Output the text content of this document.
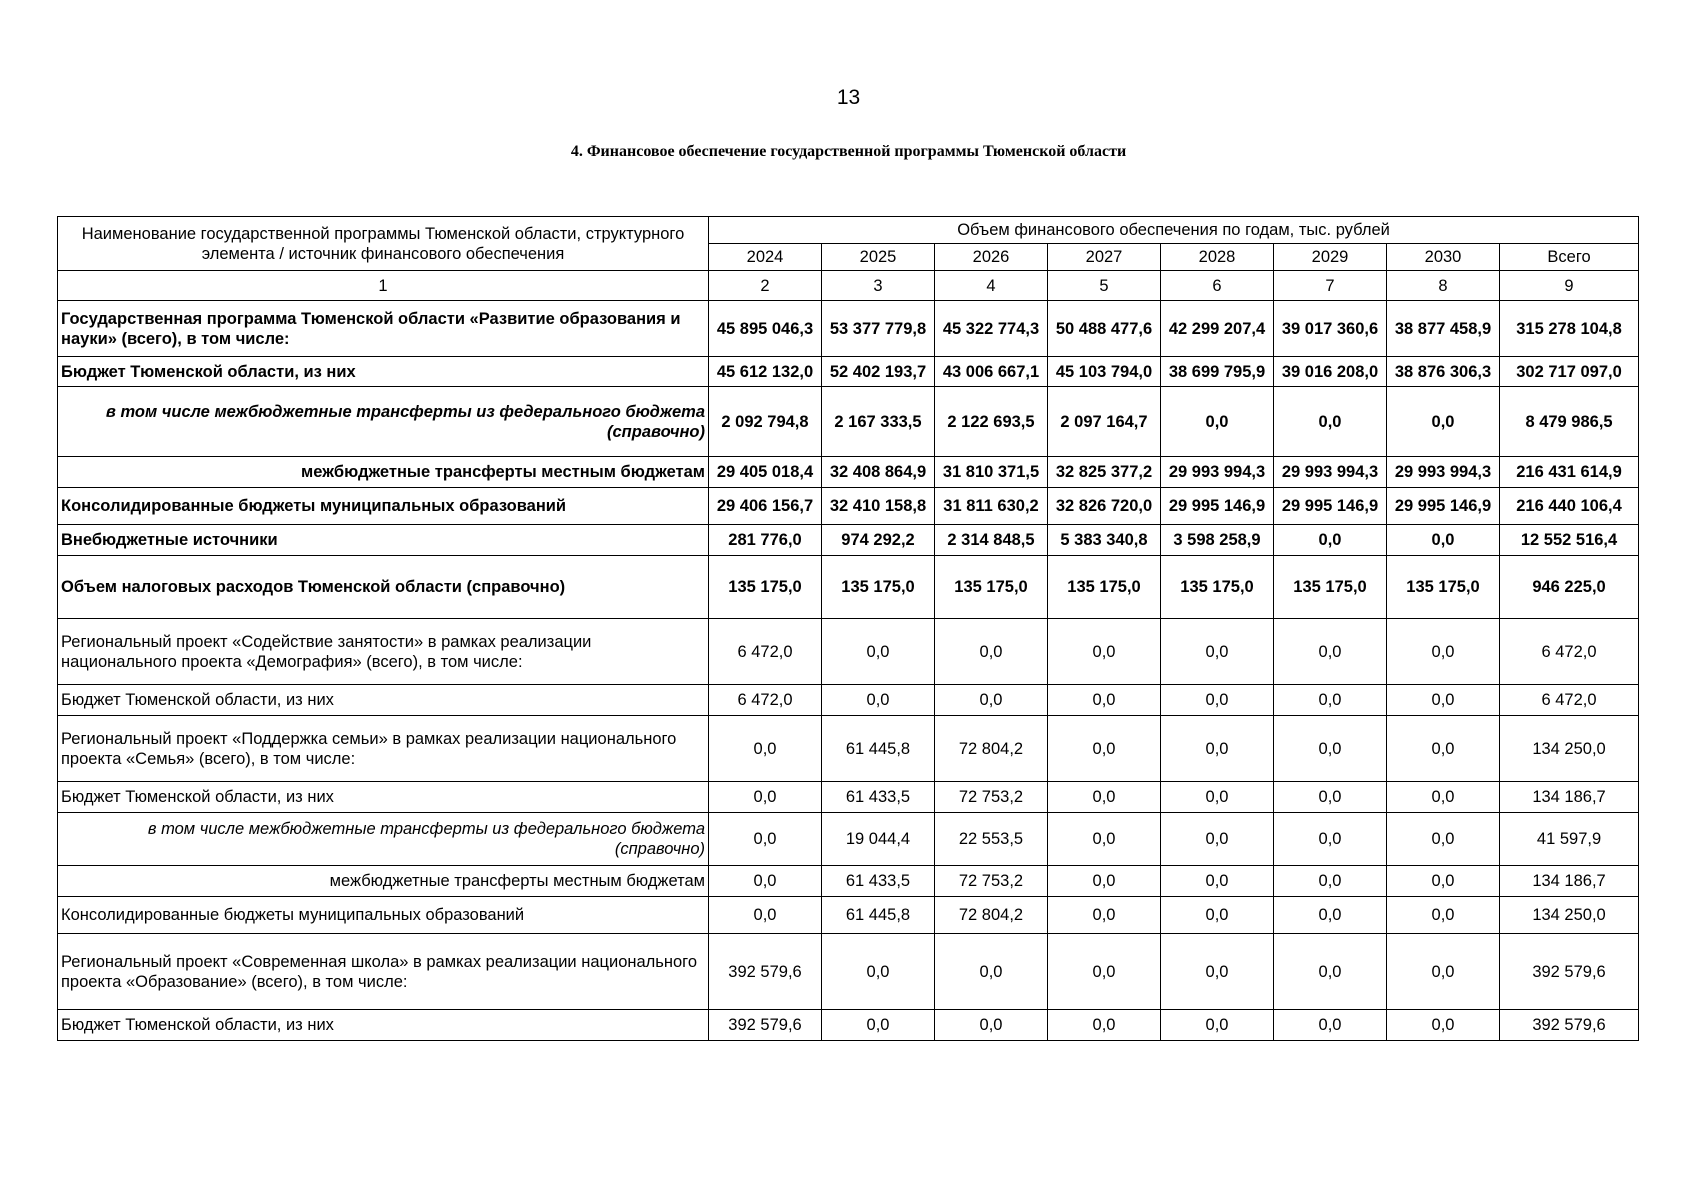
13
4. Финансовое обеспечение государственной программы Тюменской области
Наименование государственной программы Тюменской области, структурного элемента / источник финансового обеспечения	Объем финансового обеспечения по годам, тыс. рублей							
	2024	2025	2026	2027	2028	2029	2030	Всего
1	2	3	4	5	6	7	8	9
Государственная программа Тюменской области «Развитие образования и науки» (всего), в том числе:	45 895 046,3	53 377 779,8	45 322 774,3	50 488 477,6	42 299 207,4	39 017 360,6	38 877 458,9	315 278 104,8
Бюджет Тюменской области, из них	45 612 132,0	52 402 193,7	43 006 667,1	45 103 794,0	38 699 795,9	39 016 208,0	38 876 306,3	302 717 097,0
в том числе межбюджетные трансферты из федерального бюджета (справочно)	2 092 794,8	2 167 333,5	2 122 693,5	2 097 164,7	0,0	0,0	0,0	8 479 986,5
межбюджетные трансферты местным бюджетам	29 405 018,4	32 408 864,9	31 810 371,5	32 825 377,2	29 993 994,3	29 993 994,3	29 993 994,3	216 431 614,9
Консолидированные бюджеты муниципальных образований	29 406 156,7	32 410 158,8	31 811 630,2	32 826 720,0	29 995 146,9	29 995 146,9	29 995 146,9	216 440 106,4
Внебюджетные источники	281 776,0	974 292,2	2 314 848,5	5 383 340,8	3 598 258,9	0,0	0,0	12 552 516,4
Объем налоговых расходов Тюменской области (справочно)	135 175,0	135 175,0	135 175,0	135 175,0	135 175,0	135 175,0	135 175,0	946 225,0
Региональный проект «Содействие занятости» в рамках реализации национального проекта «Демография» (всего), в том числе:	6 472,0	0,0	0,0	0,0	0,0	0,0	0,0	6 472,0
Бюджет Тюменской области, из них	6 472,0	0,0	0,0	0,0	0,0	0,0	0,0	6 472,0
Региональный проект «Поддержка семьи» в рамках реализации национального проекта «Семья» (всего), в том числе:	0,0	61 445,8	72 804,2	0,0	0,0	0,0	0,0	134 250,0
Бюджет Тюменской области, из них	0,0	61 433,5	72 753,2	0,0	0,0	0,0	0,0	134 186,7
в том числе межбюджетные трансферты из федерального бюджета (справочно)	0,0	19 044,4	22 553,5	0,0	0,0	0,0	0,0	41 597,9
межбюджетные трансферты местным бюджетам	0,0	61 433,5	72 753,2	0,0	0,0	0,0	0,0	134 186,7
Консолидированные бюджеты муниципальных образований	0,0	61 445,8	72 804,2	0,0	0,0	0,0	0,0	134 250,0
Региональный проект «Современная школа» в рамках реализации национального проекта «Образование» (всего), в том числе:	392 579,6	0,0	0,0	0,0	0,0	0,0	0,0	392 579,6
Бюджет Тюменской области, из них	392 579,6	0,0	0,0	0,0	0,0	0,0	0,0	392 579,6
